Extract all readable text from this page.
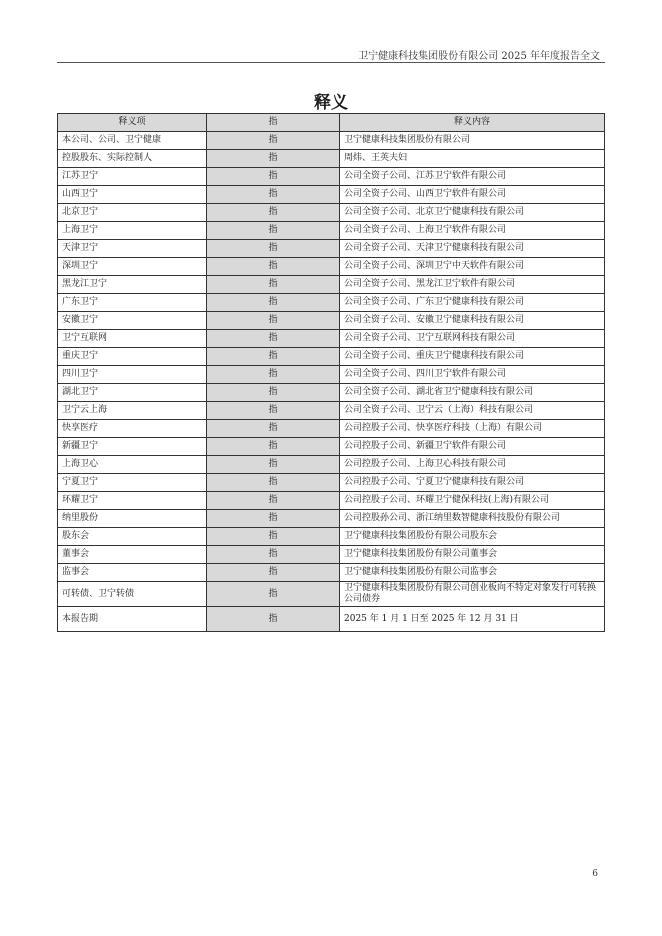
卫宁健康科技集团股份有限公司 2025 年年度报告全文
释义
释义项	指	释义内容
本公司、公司、卫宁健康	指	卫宁健康科技集团股份有限公司
控股股东、实际控制人	指	周炜、王英夫妇
江苏卫宁	指	公司全资子公司、江苏卫宁软件有限公司
山西卫宁	指	公司全资子公司、山西卫宁软件有限公司
北京卫宁	指	公司全资子公司、北京卫宁健康科技有限公司
上海卫宁	指	公司全资子公司、上海卫宁软件有限公司
天津卫宁	指	公司全资子公司、天津卫宁健康科技有限公司
深圳卫宁	指	公司全资子公司、深圳卫宁中天软件有限公司
黑龙江卫宁	指	公司全资子公司、黑龙江卫宁软件有限公司
广东卫宁	指	公司全资子公司、广东卫宁健康科技有限公司
安徽卫宁	指	公司全资子公司、安徽卫宁健康科技有限公司
卫宁互联网	指	公司全资子公司、卫宁互联网科技有限公司
重庆卫宁	指	公司全资子公司、重庆卫宁健康科技有限公司
四川卫宁	指	公司全资子公司、四川卫宁软件有限公司
湖北卫宁	指	公司全资子公司、湖北省卫宁健康科技有限公司
卫宁云上海	指	公司全资子公司、卫宁云（上海）科技有限公司
快享医疗	指	公司控股子公司、快享医疗科技（上海）有限公司
新疆卫宁	指	公司控股子公司、新疆卫宁软件有限公司
上海卫心	指	公司控股子公司、上海卫心科技有限公司
宁夏卫宁	指	公司控股子公司、宁夏卫宁健康科技有限公司
环耀卫宁	指	公司控股子公司、环耀卫宁健保科技(上海)有限公司
纳里股份	指	公司控股孙公司、浙江纳里数智健康科技股份有限公司
股东会	指	卫宁健康科技集团股份有限公司股东会
董事会	指	卫宁健康科技集团股份有限公司董事会
监事会	指	卫宁健康科技集团股份有限公司监事会
可转债、卫宁转债	指	卫宁健康科技集团股份有限公司创业板向不特定对象发行可转换公司债券
本报告期	指	2025 年 1 月 1 日至 2025 年 12 月 31 日
6
